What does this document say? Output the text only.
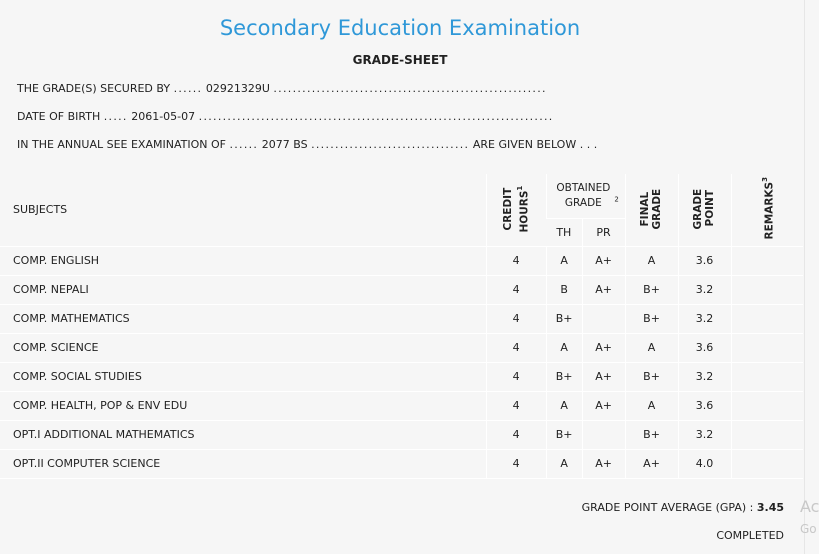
Secondary Education Examination
GRADE-SHEET
THE GRADE(S) SECURED BY ...... 02921329U .........................................................
DATE OF BIRTH ..... 2061-05-07 ..........................................................................
IN THE ANNUAL SEE EXAMINATION OF ...... 2077 BS ................................. ARE GIVEN BELOW . . .
SUBJECTS	CREDIT HOURS$^1$	OBTAINED GRADE $^2$		FINAL GRADE	GRADE POINT	REMARKS$^3$
		TH	PR			
COMP. ENGLISH	4	A	A+	A	3.6	
COMP. NEPALI	4	B	A+	B+	3.2	
COMP. MATHEMATICS	4	B+		B+	3.2	
COMP. SCIENCE	4	A	A+	A	3.6	
COMP. SOCIAL STUDIES	4	B+	A+	B+	3.2	
COMP. HEALTH, POP & ENV EDU	4	A	A+	A	3.6	
OPT.I ADDITIONAL MATHEMATICS	4	B+		B+	3.2	
OPT.II COMPUTER SCIENCE	4	A	A+	A+	4.0	
GRADE POINT AVERAGE (GPA) : 3.45
COMPLETED
Ac
Go
